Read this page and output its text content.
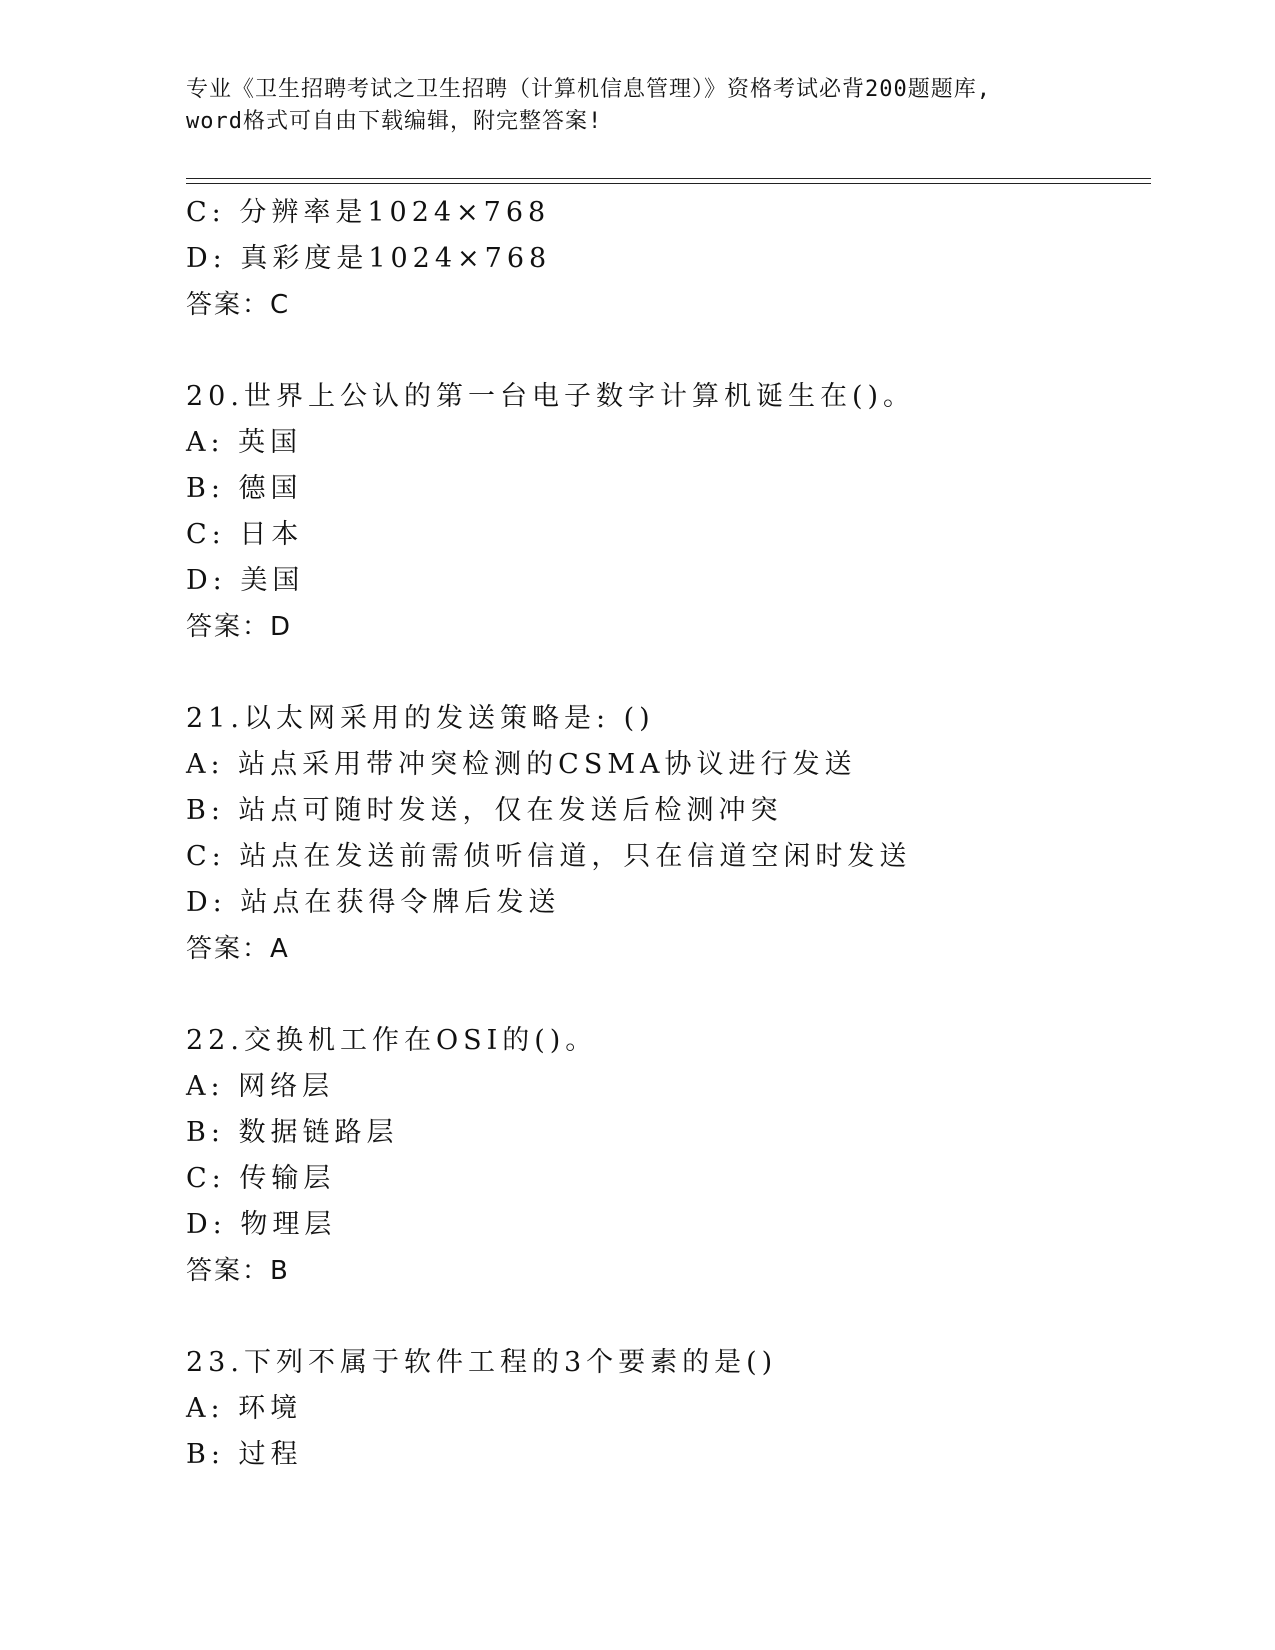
专业《卫生招聘考试之卫生招聘（计算机信息管理）》资格考试必背200题题库,
word格式可自由下载编辑，附完整答案!
C: 分辨率是1024×768
D: 真彩度是1024×768
答案：C
20.世界上公认的第一台电子数字计算机诞生在()。
A: 英国
B: 德国
C: 日本
D: 美国
答案：D
21.以太网采用的发送策略是: ()
A: 站点采用带冲突检测的CSMA协议进行发送
B: 站点可随时发送，仅在发送后检测冲突
C: 站点在发送前需侦听信道，只在信道空闲时发送
D: 站点在获得令牌后发送
答案：A
22.交换机工作在OSI的()。
A: 网络层
B: 数据链路层
C: 传输层
D: 物理层
答案：B
23.下列不属于软件工程的3个要素的是()
A: 环境
B: 过程
